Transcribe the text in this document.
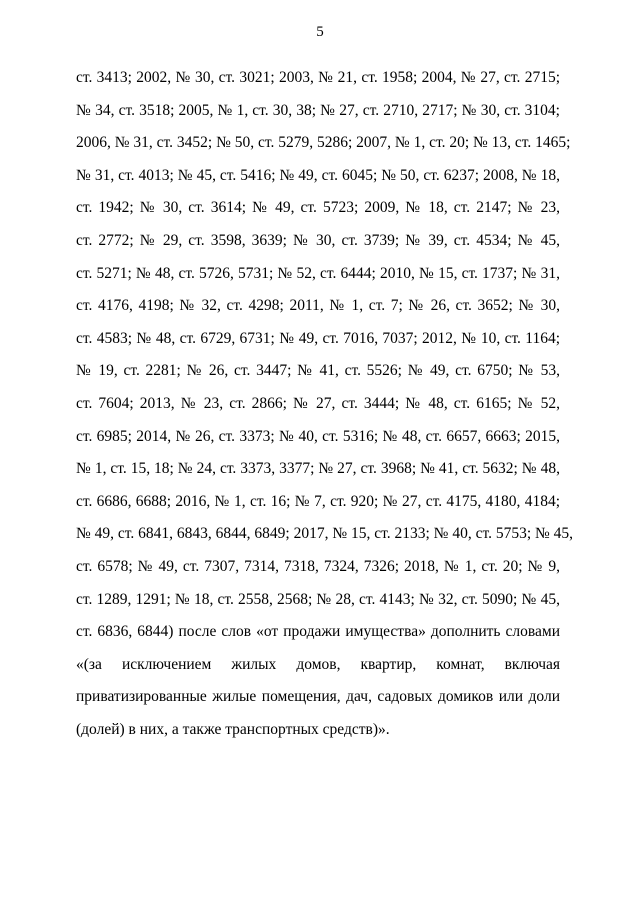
5
ст. 3413; 2002, № 30, ст. 3021; 2003, № 21, ст. 1958; 2004, № 27, ст. 2715;
№ 34, ст. 3518; 2005, № 1, ст. 30, 38; № 27, ст. 2710, 2717; № 30, ст. 3104;
2006, № 31, ст. 3452; № 50, ст. 5279, 5286; 2007, № 1, ст. 20; № 13, ст. 1465;
№ 31, ст. 4013; № 45, ст. 5416; № 49, ст. 6045; № 50, ст. 6237; 2008, № 18,
ст. 1942; № 30, ст. 3614; № 49, ст. 5723; 2009, № 18, ст. 2147; № 23,
ст. 2772; № 29, ст. 3598, 3639; № 30, ст. 3739; № 39, ст. 4534; № 45,
ст. 5271; № 48, ст. 5726, 5731; № 52, ст. 6444; 2010, № 15, ст. 1737; № 31,
ст. 4176, 4198; № 32, ст. 4298; 2011, № 1, ст. 7; № 26, ст. 3652; № 30,
ст. 4583; № 48, ст. 6729, 6731; № 49, ст. 7016, 7037; 2012, № 10, ст. 1164;
№ 19, ст. 2281; № 26, ст. 3447; № 41, ст. 5526; № 49, ст. 6750; № 53,
ст. 7604; 2013, № 23, ст. 2866; № 27, ст. 3444; № 48, ст. 6165; № 52,
ст. 6985; 2014, № 26, ст. 3373; № 40, ст. 5316; № 48, ст. 6657, 6663; 2015,
№ 1, ст. 15, 18; № 24, ст. 3373, 3377; № 27, ст. 3968; № 41, ст. 5632; № 48,
ст. 6686, 6688; 2016, № 1, ст. 16; № 7, ст. 920; № 27, ст. 4175, 4180, 4184;
№ 49, ст. 6841, 6843, 6844, 6849; 2017, № 15, ст. 2133; № 40, ст. 5753; № 45,
ст. 6578; № 49, ст. 7307, 7314, 7318, 7324, 7326; 2018, № 1, ст. 20; № 9,
ст. 1289, 1291; № 18, ст. 2558, 2568; № 28, ст. 4143; № 32, ст. 5090; № 45,
ст. 6836, 6844) после слов «от продажи имущества» дополнить словами
«(за исключением жилых домов, квартир, комнат, включая
приватизированные жилые помещения, дач, садовых домиков или доли
(долей) в них, а также транспортных средств)».
